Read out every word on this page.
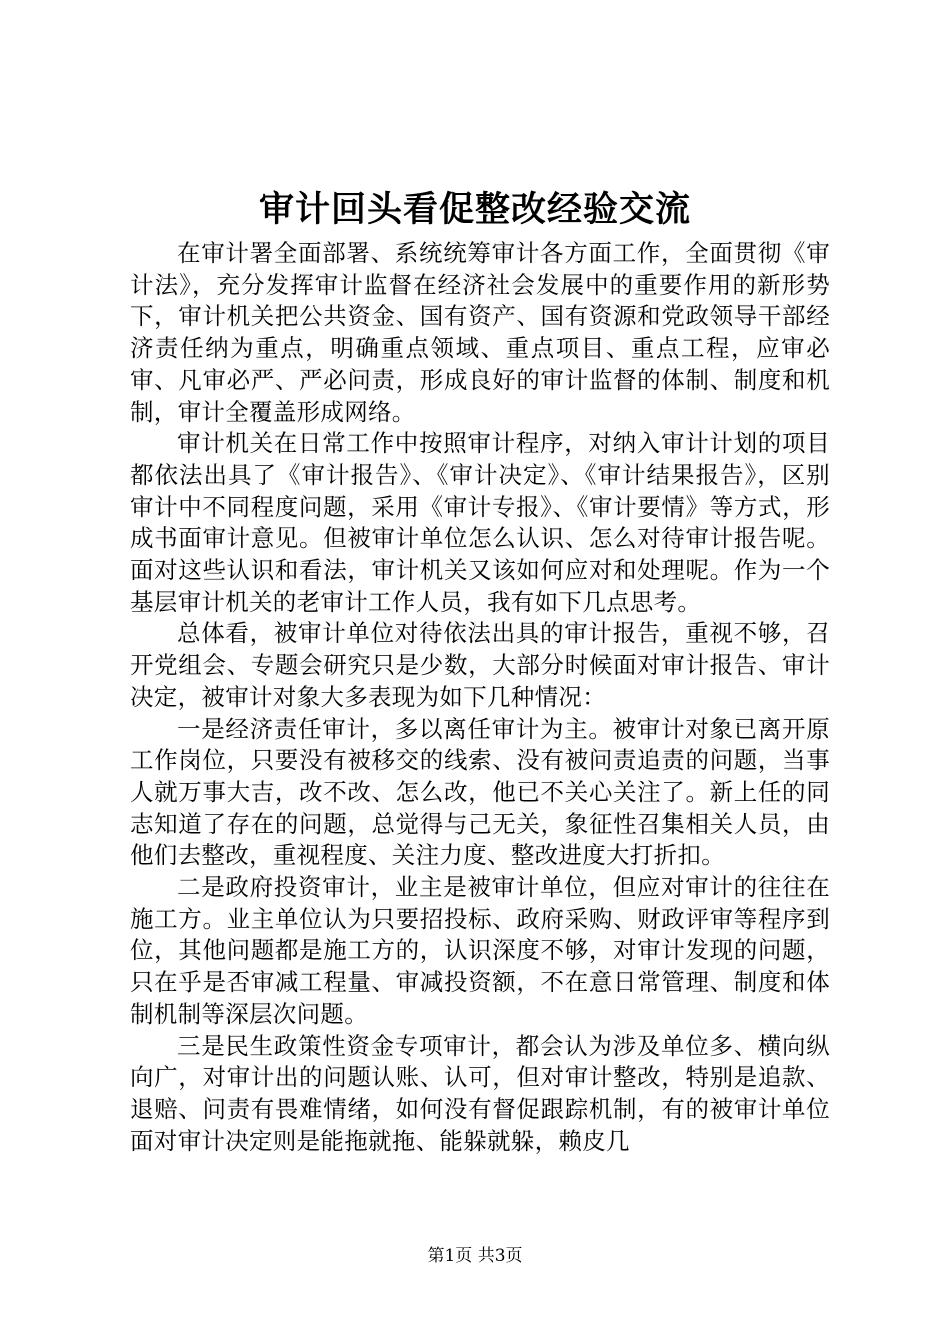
审计回头看促整改经验交流

在审计署全面部署、系统统筹审计各方面工作，全面贯彻《审计法》，充分发挥审计监督在经济社会发展中的重要作用的新形势下，审计机关把公共资金、国有资产、国有资源和党政领导干部经济责任纳为重点，明确重点领域、重点项目、重点工程，应审必审、凡审必严、严必问责，形成良好的审计监督的体制、制度和机制，审计全覆盖形成网络。

审计机关在日常工作中按照审计程序，对纳入审计计划的项目都依法出具了《审计报告》、《审计决定》、《审计结果报告》，区别审计中不同程度问题，采用《审计专报》、《审计要情》等方式，形成书面审计意见。但被审计单位怎么认识、怎么对待审计报告呢。面对这些认识和看法，审计机关又该如何应对和处理呢。作为一个基层审计机关的老审计工作人员，我有如下几点思考。

总体看，被审计单位对待依法出具的审计报告，重视不够，召开党组会、专题会研究只是少数，大部分时候面对审计报告、审计决定，被审计对象大多表现为如下几种情况：

一是经济责任审计，多以离任审计为主。被审计对象已离开原工作岗位，只要没有被移交的线索、没有被问责追责的问题，当事人就万事大吉，改不改、怎么改，他已不关心关注了。新上任的同志知道了存在的问题，总觉得与己无关，象征性召集相关人员，由他们去整改，重视程度、关注力度、整改进度大打折扣。

二是政府投资审计，业主是被审计单位，但应对审计的往往在施工方。业主单位认为只要招投标、政府采购、财政评审等程序到位，其他问题都是施工方的，认识深度不够，对审计发现的问题，只在乎是否审减工程量、审减投资额，不在意日常管理、制度和体制机制等深层次问题。

三是民生政策性资金专项审计，都会认为涉及单位多、横向纵向广，对审计出的问题认账、认可，但对审计整改，特别是追款、退赔、问责有畏难情绪，如何没有督促跟踪机制，有的被审计单位面对审计决定则是能拖就拖、能躲就躲，赖皮几

第1页 共3页
